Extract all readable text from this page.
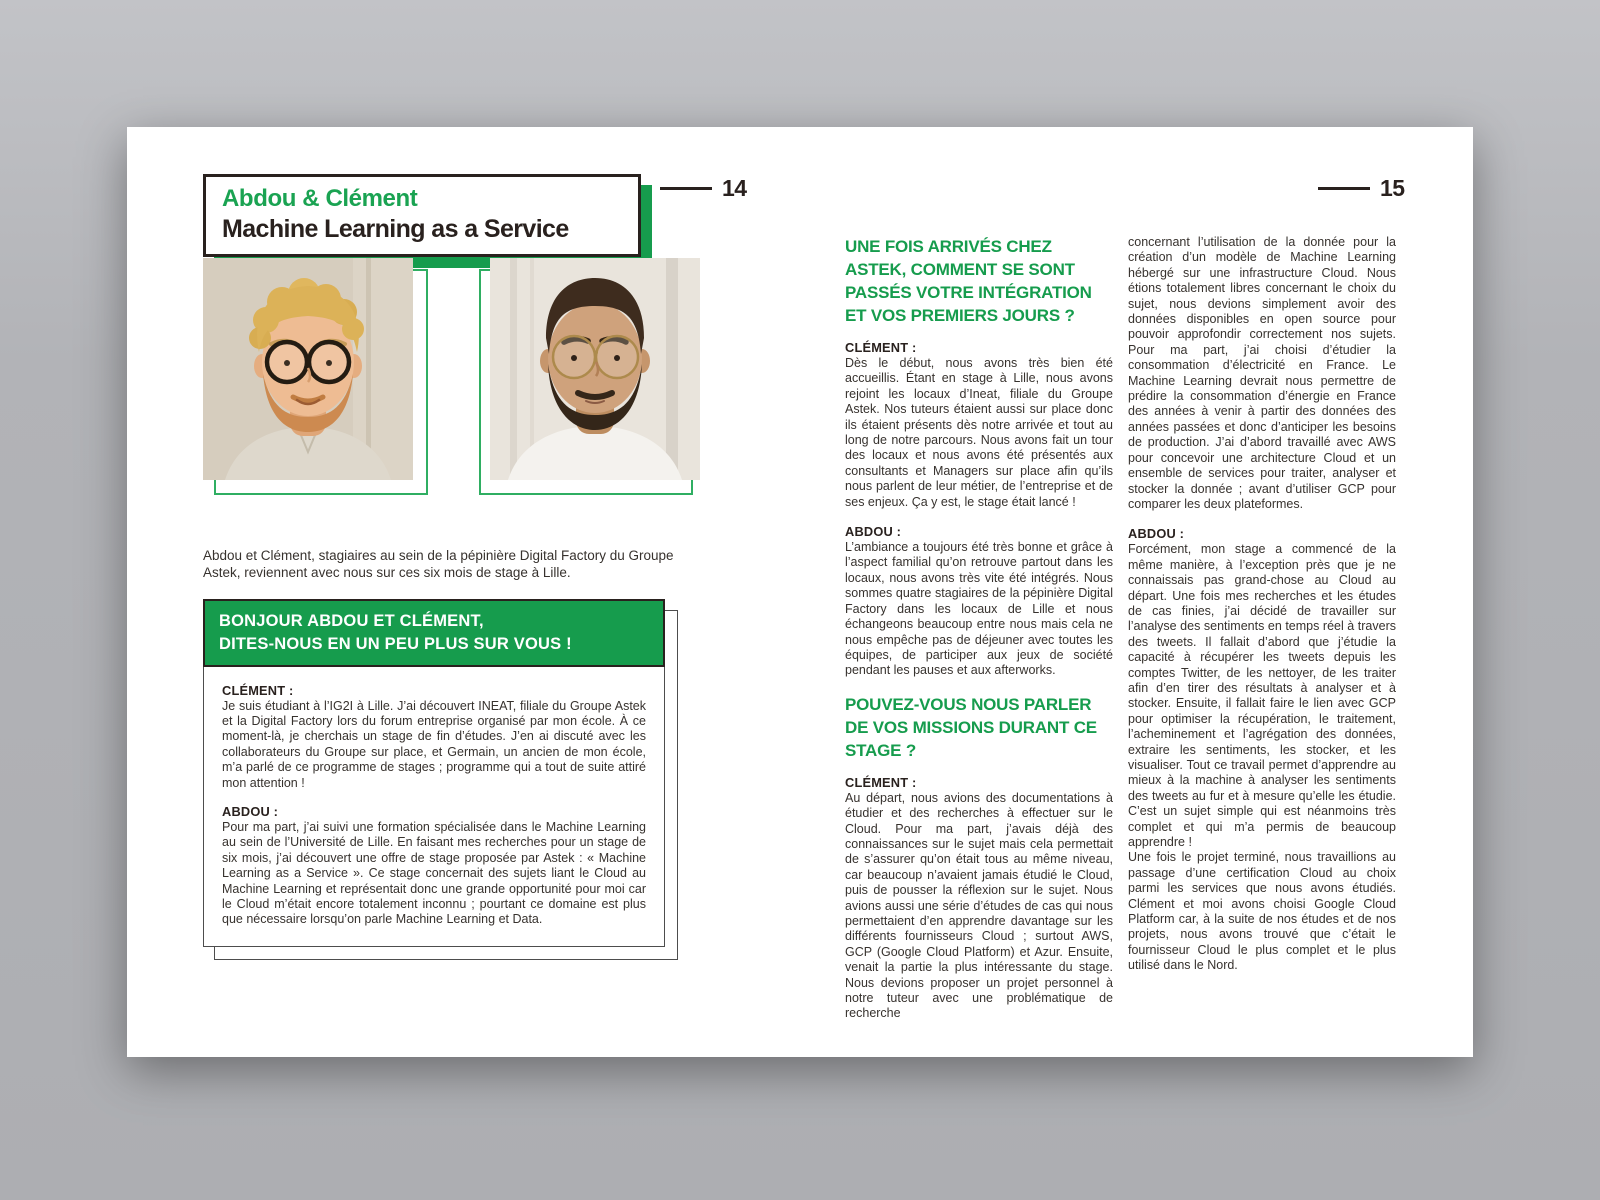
Abdou & Clément
Machine Learning as a Service
14

Abdou et Clément, stagiaires au sein de la pépinière Digital Factory du Groupe Astek, reviennent avec nous sur ces six mois de stage à Lille.

BONJOUR ABDOU ET CLÉMENT,
DITES-NOUS EN UN PEU PLUS SUR VOUS !
CLÉMENT :
Je suis étudiant à l’IG2I à Lille. J’ai découvert INEAT, filiale du Groupe Astek et la Digital Factory lors du forum entreprise organisé par mon école. À ce moment-là, je cherchais un stage de fin d’études. J’en ai discuté avec les collaborateurs du Groupe sur place, et Germain, un ancien de mon école, m’a parlé de ce programme de stages ; programme qui a tout de suite attiré mon attention !
ABDOU :
Pour ma part, j’ai suivi une formation spécialisée dans le Machine Learning au sein de l’Université de Lille. En faisant mes recherches pour un stage de six mois, j’ai découvert une offre de stage proposée par Astek : « Machine Learning as a Service ». Ce stage concernait des sujets liant le Cloud au Machine Learning et représentait donc une grande opportunité pour moi car le Cloud m’était encore totalement inconnu ; pourtant ce domaine est plus que nécessaire lorsqu’on parle Machine Learning et Data.
15
UNE FOIS ARRIVÉS CHEZ ASTEK, COMMENT SE SONT PASSÉS VOTRE INTÉGRATION ET VOS PREMIERS JOURS ?
CLÉMENT :
Dès le début, nous avons très bien été accueillis. Étant en stage à Lille, nous avons rejoint les locaux d’Ineat, filiale du Groupe Astek. Nos tuteurs étaient aussi sur place donc ils étaient présents dès notre arrivée et tout au long de notre parcours. Nous avons fait un tour des locaux et nous avons été présentés aux consultants et Managers sur place afin qu’ils nous parlent de leur métier, de l’entreprise et de ses enjeux. Ça y est, le stage était lancé !
ABDOU :
L’ambiance a toujours été très bonne et grâce à l’aspect familial qu’on retrouve partout dans les locaux, nous avons très vite été intégrés. Nous sommes quatre stagiaires de la pépinière Digital Factory dans les locaux de Lille et nous échangeons beaucoup entre nous mais cela ne nous empêche pas de déjeuner avec toutes les équipes, de participer aux jeux de société pendant les pauses et aux afterworks.
POUVEZ-VOUS NOUS PARLER DE VOS MISSIONS DURANT CE STAGE ?
CLÉMENT :
Au départ, nous avions des documentations à étudier et des recherches à effectuer sur le Cloud. Pour ma part, j’avais déjà des connaissances sur le sujet mais cela permettait de s’assurer qu’on était tous au même niveau, car beaucoup n’avaient jamais étudié le Cloud, puis de pousser la réflexion sur le sujet. Nous avions aussi une série d’études de cas qui nous permettaient d’en apprendre davantage sur les différents fournisseurs Cloud ; surtout AWS, GCP (Google Cloud Platform) et Azur. Ensuite, venait la partie la plus intéressante du stage. Nous devions proposer un projet personnel à notre tuteur avec une problématique de recherche
concernant l’utilisation de la donnée pour la création d’un modèle de Machine Learning hébergé sur une infrastructure Cloud. Nous étions totalement libres concernant le choix du sujet, nous devions simplement avoir des données disponibles en open source pour pouvoir approfondir correctement nos sujets. Pour ma part, j’ai choisi d’étudier la consommation d’électricité en France. Le Machine Learning devrait nous permettre de prédire la consommation d’énergie en France des années à venir à partir des données des années passées et donc d’anticiper les besoins de production. J’ai d’abord travaillé avec AWS pour concevoir une architecture Cloud et un ensemble de services pour traiter, analyser et stocker la donnée ; avant d’utiliser GCP pour comparer les deux plateformes.
ABDOU :
Forcément, mon stage a commencé de la même manière, à l’exception près que je ne connaissais pas grand-chose au Cloud au départ. Une fois mes recherches et les études de cas finies, j’ai décidé de travailler sur l’analyse des sentiments en temps réel à travers des tweets. Il fallait d’abord que j’étudie la capacité à récupérer les tweets depuis les comptes Twitter, de les nettoyer, de les traiter afin d’en tirer des résultats à analyser et à stocker. Ensuite, il fallait faire le lien avec GCP pour optimiser la récupération, le traitement, l’acheminement et l’agrégation des données, extraire les sentiments, les stocker, et les visualiser. Tout ce travail permet d’apprendre au mieux à la machine à analyser les sentiments des tweets au fur et à mesure qu’elle les étudie. C’est un sujet simple qui est néanmoins très complet et qui m’a permis de beaucoup apprendre !
Une fois le projet terminé, nous travaillions au passage d’une certification Cloud au choix parmi les services que nous avons étudiés. Clément et moi avons choisi Google Cloud Platform car, à la suite de nos études et de nos projets, nous avons trouvé que c’était le fournisseur Cloud le plus complet et le plus utilisé dans le Nord.
